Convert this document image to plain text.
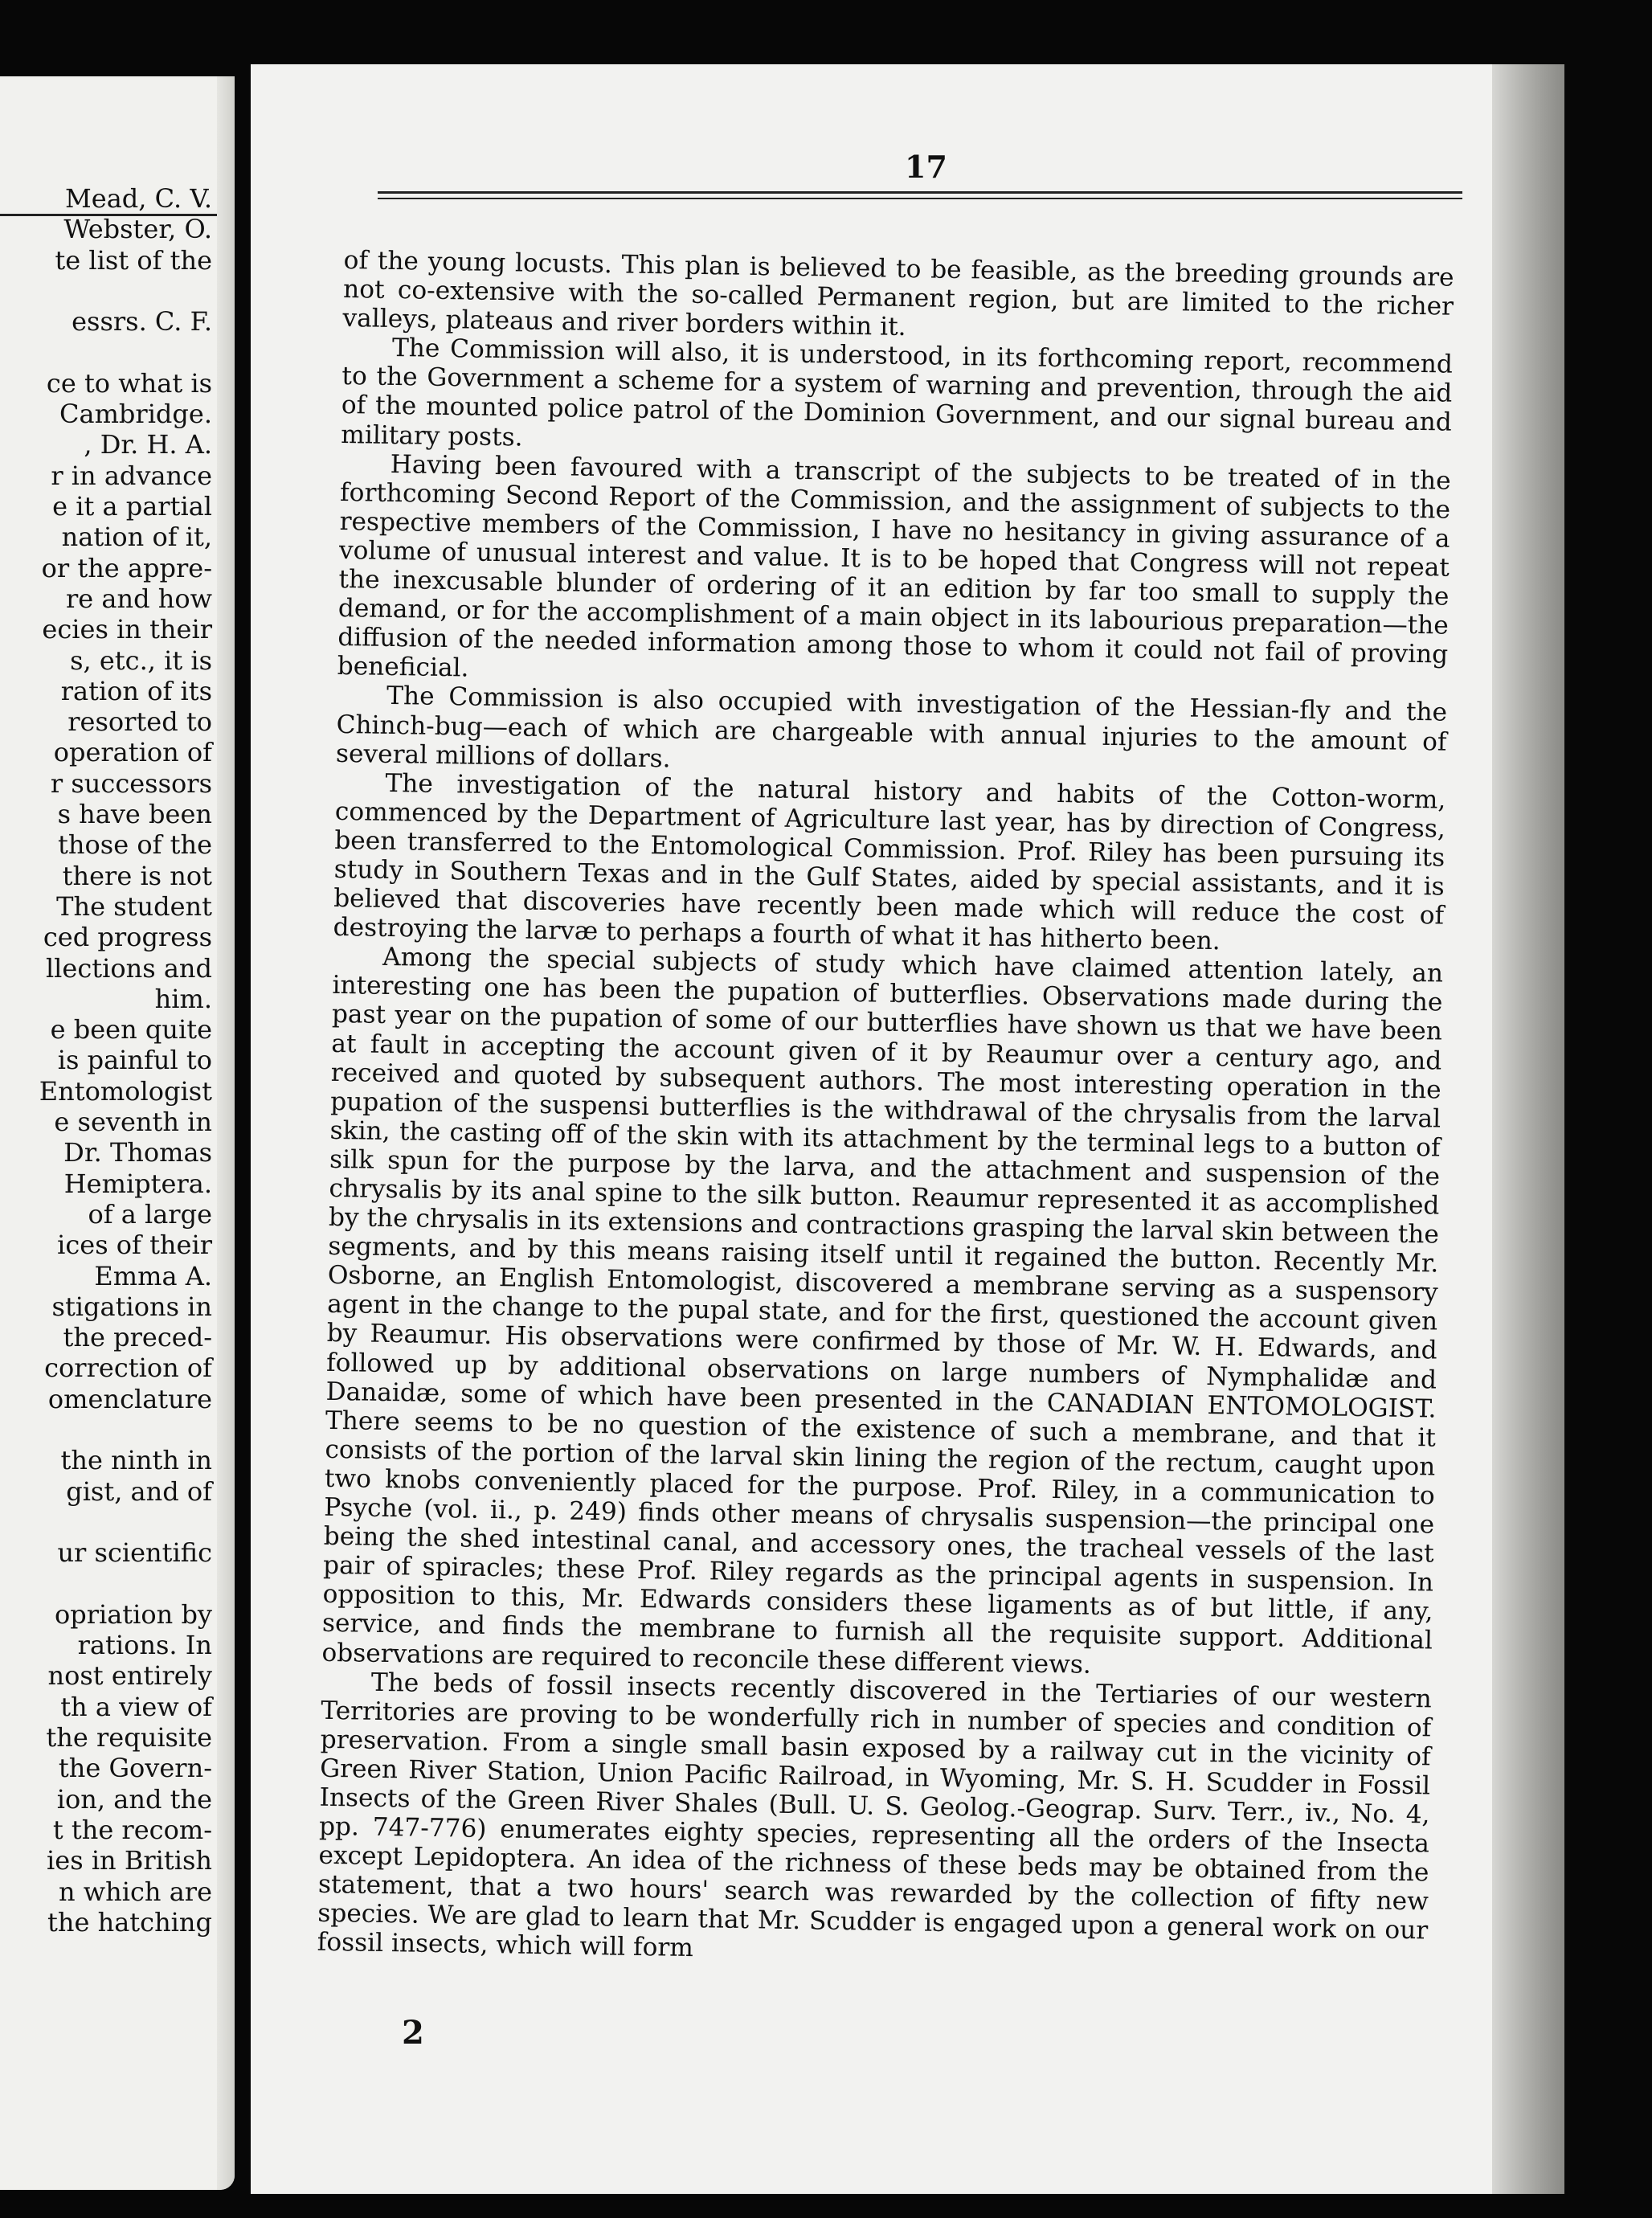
Mead, C. V.
Webster, O.
te list of the
essrs. C. F.
ce to what is
Cambridge.
, Dr. H. A.
r in advance
e it a partial
nation of it,
or the appre-
re and how
ecies in their
s, etc., it is
ration of its
resorted to
operation of
r successors
s have been
those of the
there is not
The student
ced progress
llections and
him.
e been quite
is painful to
Entomologist
e seventh in
Dr. Thomas
Hemiptera.
of a large
ices of their
Emma A.
stigations in
the preced-
correction of
omenclature
the ninth in
gist, and of
ur scientific
opriation by
rations. In
nost entirely
th a view of
the requisite
the Govern-
ion, and the
t the recom-
ies in British
n which are
the hatching
17

of the young locusts. This plan is believed to be feasible, as the breeding grounds are not co-extensive with the so-called Permanent region, but are limited to the richer valleys, plateaus and river borders within it.

The Commission will also, it is understood, in its forthcoming report, recommend to the Government a scheme for a system of warning and prevention, through the aid of the mounted police patrol of the Dominion Government, and our signal bureau and military posts.

Having been favoured with a transcript of the subjects to be treated of in the forthcoming Second Report of the Commission, and the assignment of subjects to the respective members of the Commission, I have no hesitancy in giving assurance of a volume of unusual interest and value. It is to be hoped that Congress will not repeat the inexcusable blunder of ordering of it an edition by far too small to supply the demand, or for the accomplishment of a main object in its labourious preparation—the diffusion of the needed information among those to whom it could not fail of proving beneficial.

The Commission is also occupied with investigation of the Hessian-fly and the Chinch-bug—each of which are chargeable with annual injuries to the amount of several millions of dollars.

The investigation of the natural history and habits of the Cotton-worm, commenced by the Department of Agriculture last year, has by direction of Congress, been transferred to the Entomological Commission. Prof. Riley has been pursuing its study in Southern Texas and in the Gulf States, aided by special assistants, and it is believed that discoveries have recently been made which will reduce the cost of destroying the larvæ to perhaps a fourth of what it has hitherto been.

Among the special subjects of study which have claimed attention lately, an interesting one has been the pupation of butterflies. Observations made during the past year on the pupation of some of our butterflies have shown us that we have been at fault in accepting the account given of it by Reaumur over a century ago, and received and quoted by subsequent authors. The most interesting operation in the pupation of the suspensi butterflies is the withdrawal of the chrysalis from the larval skin, the casting off of the skin with its attachment by the terminal legs to a button of silk spun for the purpose by the larva, and the attachment and suspension of the chrysalis by its anal spine to the silk button. Reaumur represented it as accomplished by the chrysalis in its extensions and contractions grasping the larval skin between the segments, and by this means raising itself until it regained the button. Recently Mr. Osborne, an English Entomologist, discovered a membrane serving as a suspensory agent in the change to the pupal state, and for the first, questioned the account given by Reaumur. His observations were confirmed by those of Mr. W. H. Edwards, and followed up by additional observations on large numbers of Nymphalidæ and Danaidæ, some of which have been presented in the CANADIAN ENTOMOLOGIST. There seems to be no question of the existence of such a membrane, and that it consists of the portion of the larval skin lining the region of the rectum, caught upon two knobs conveniently placed for the purpose. Prof. Riley, in a communication to Psyche (vol. ii., p. 249) finds other means of chrysalis suspension—the principal one being the shed intestinal canal, and accessory ones, the tracheal vessels of the last pair of spiracles; these Prof. Riley regards as the principal agents in suspension. In opposition to this, Mr. Edwards considers these ligaments as of but little, if any, service, and finds the membrane to furnish all the requisite support. Additional observations are required to reconcile these different views.

The beds of fossil insects recently discovered in the Tertiaries of our western Territories are proving to be wonderfully rich in number of species and condition of preservation. From a single small basin exposed by a railway cut in the vicinity of Green River Station, Union Pacific Railroad, in Wyoming, Mr. S. H. Scudder in Fossil Insects of the Green River Shales (Bull. U. S. Geolog.-Geograp. Surv. Terr., iv., No. 4, pp. 747-776) enumerates eighty species, representing all the orders of the Insecta except Lepidoptera. An idea of the richness of these beds may be obtained from the statement, that a two hours' search was rewarded by the collection of fifty new species. We are glad to learn that Mr. Scudder is engaged upon a general work on our fossil insects, which will form

2
